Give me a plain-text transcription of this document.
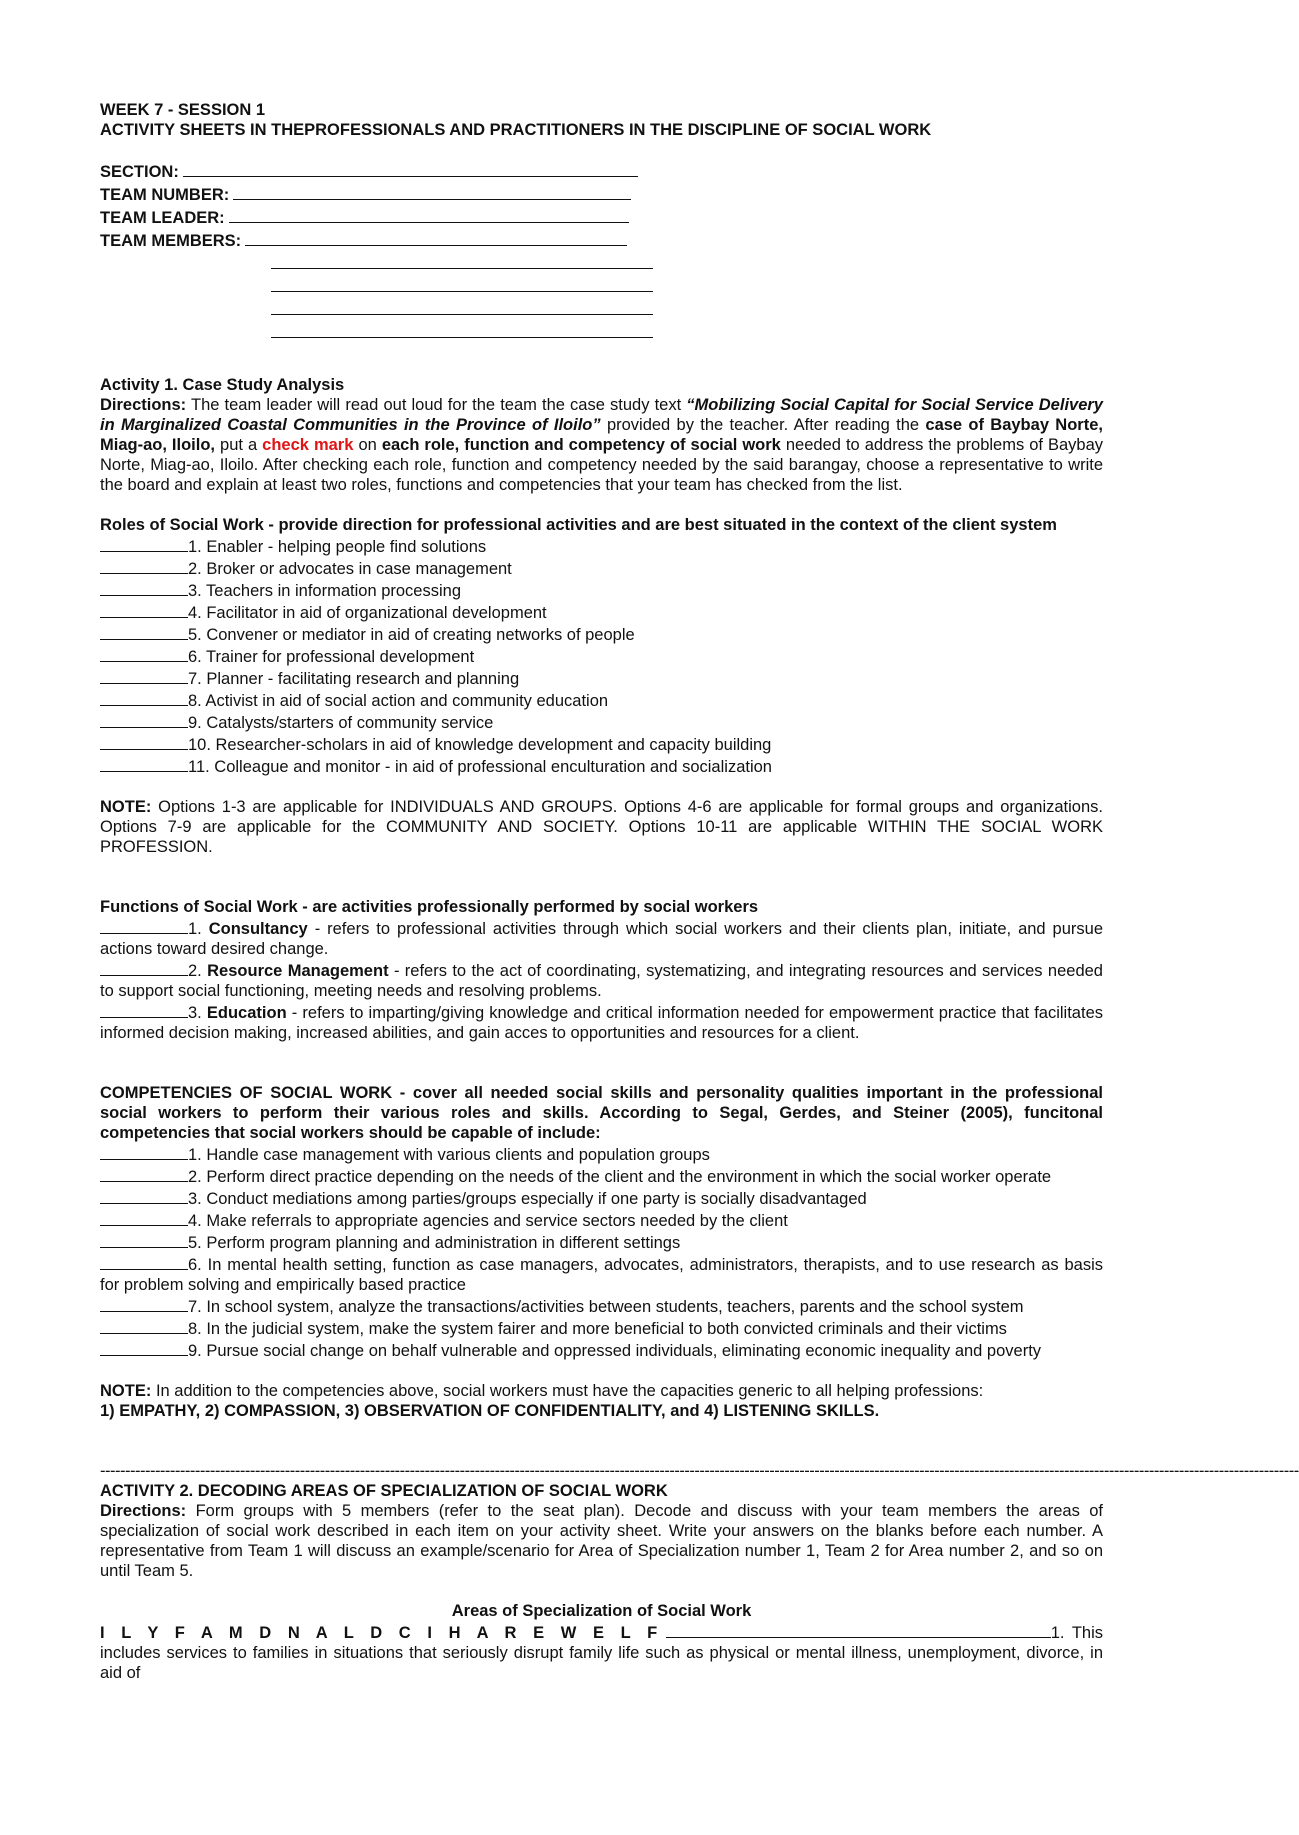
WEEK 7 - SESSION 1
ACTIVITY SHEETS IN THEPROFESSIONALS AND PRACTITIONERS IN THE DISCIPLINE OF SOCIAL WORK
SECTION:
TEAM NUMBER:
TEAM LEADER:
TEAM MEMBERS:
Activity 1. Case Study Analysis
Directions: The team leader will read out loud for the team the case study text “Mobilizing Social Capital for Social Service Delivery in Marginalized Coastal Communities in the Province of Iloilo” provided by the teacher. After reading the case of Baybay Norte, Miag-ao, Iloilo, put a check mark on each role, function and competency of social work needed to address the problems of Baybay Norte, Miag-ao, Iloilo. After checking each role, function and competency needed by the said barangay, choose a representative to write the board and explain at least two roles, functions and competencies that your team has checked from the list.
Roles of Social Work - provide direction for professional activities and are best situated in the context of the client system
1. Enabler - helping people find solutions
2. Broker or advocates in case management
3. Teachers in information processing
4. Facilitator in aid of organizational development
5. Convener or mediator in aid of creating networks of people
6. Trainer for professional development
7. Planner - facilitating research and planning
8. Activist in aid of social action and community education
9. Catalysts/starters of community service
10. Researcher-scholars in aid of knowledge development and capacity building
11. Colleague and monitor - in aid of professional enculturation and socialization
NOTE: Options 1-3 are applicable for INDIVIDUALS AND GROUPS. Options 4-6 are applicable for formal groups and organizations. Options 7-9 are applicable for the COMMUNITY AND SOCIETY. Options 10-11 are applicable WITHIN THE SOCIAL WORK PROFESSION.
Functions of Social Work - are activities professionally performed by social workers
1. Consultancy - refers to professional activities through which social workers and their clients plan, initiate, and pursue actions toward desired change.
2. Resource Management - refers to the act of coordinating, systematizing, and integrating resources and services needed to support social functioning, meeting needs and resolving problems.
3. Education - refers to imparting/giving knowledge and critical information needed for empowerment practice that facilitates informed decision making, increased abilities, and gain acces to opportunities and resources for a client.
COMPETENCIES OF SOCIAL WORK - cover all needed social skills and personality qualities important in the professional social workers to perform their various roles and skills. According to Segal, Gerdes, and Steiner (2005), funcitonal competencies that social workers should be capable of include:
1. Handle case management with various clients and population groups
2. Perform direct practice depending on the needs of the client and the environment in which the social worker operate
3. Conduct mediations among parties/groups especially if one party is socially disadvantaged
4. Make referrals to appropriate agencies and service sectors needed by the client
5. Perform program planning and administration in different settings
6. In mental health setting, function as case managers, advocates, administrators, therapists, and to use research as basis for problem solving and empirically based practice
7. In school system, analyze the transactions/activities between students, teachers, parents and the school system
8. In the judicial system, make the system fairer and more beneficial to both convicted criminals and their victims
9. Pursue social change on behalf vulnerable and oppressed individuals, eliminating economic inequality and poverty
NOTE: In addition to the competencies above, social workers must have the capacities generic to all helping professions:
1) EMPATHY, 2) COMPASSION, 3) OBSERVATION OF CONFIDENTIALITY, and 4) LISTENING SKILLS.
------------------------------------------------------------------------------------------------------------------------------------------------------------------------------------------------------------------------------------------------
ACTIVITY 2. DECODING AREAS OF SPECIALIZATION OF SOCIAL WORK
Directions: Form groups with 5 members (refer to the seat plan). Decode and discuss with your team members the areas of specialization of social work described in each item on your activity sheet. Write your answers on the blanks before each number. A representative from Team 1 will discuss an example/scenario for Area of Specialization number 1, Team 2 for Area number 2, and so on until Team 5.
Areas of Specialization of Social Work
I L Y F A M D N A L D C I H A R E W E L F	1. This includes services to families in situations that seriously disrupt family life such as physical or mental illness, unemployment, divorce, in aid of
